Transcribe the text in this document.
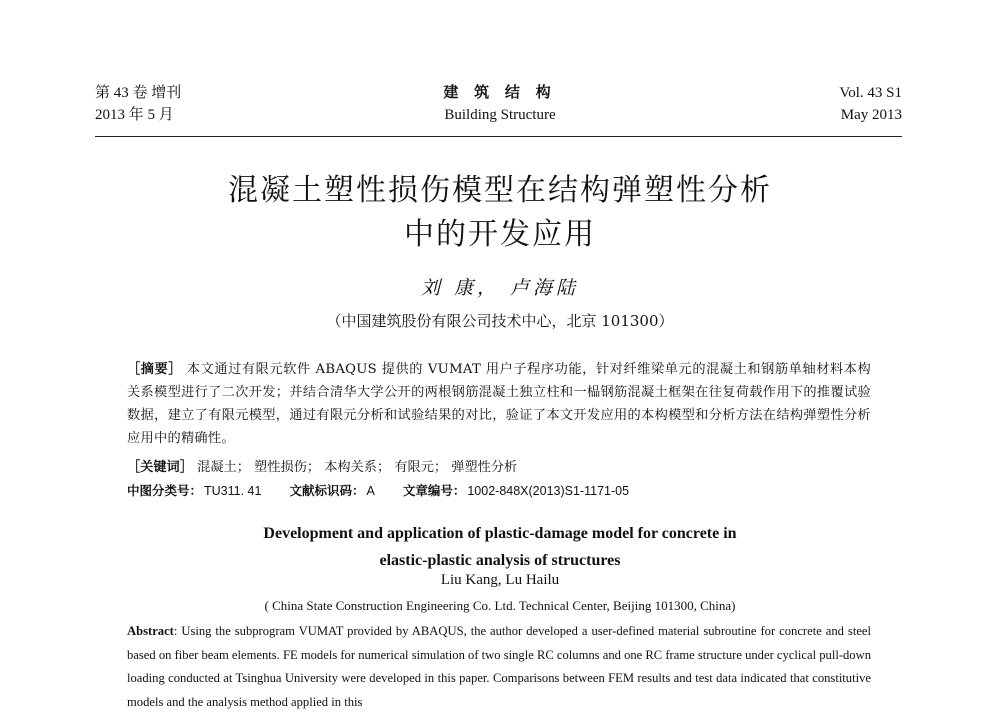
第 43 卷 增刊
2013 年 5 月
建 筑 结 构
Building Structure
Vol. 43 S1
May 2013
混凝土塑性损伤模型在结构弹塑性分析
中的开发应用
刘 康， 卢海陆
（中国建筑股份有限公司技术中心，北京 101300）
［摘要］ 本文通过有限元软件 ABAQUS 提供的 VUMAT 用户子程序功能，针对纤维梁单元的混凝土和钢筋单轴材料本构关系模型进行了二次开发；并结合清华大学公开的两根钢筋混凝土独立柱和一榀钢筋混凝土框架在往复荷载作用下的推覆试验数据，建立了有限元模型，通过有限元分析和试验结果的对比，验证了本文开发应用的本构模型和分析方法在结构弹塑性分析应用中的精确性。
［关键词］ 混凝土； 塑性损伤； 本构关系； 有限元； 弹塑性分析
中图分类号： TU311. 41 文献标识码： A 文章编号： 1002-848X(2013)S1-1171-05
Development and application of plastic-damage model for concrete in
elastic-plastic analysis of structures
Liu Kang, Lu Hailu
( China State Construction Engineering Co. Ltd. Technical Center, Beijing 101300, China)
Abstract: Using the subprogram VUMAT provided by ABAQUS, the author developed a user-defined material subroutine for concrete and steel based on fiber beam elements. FE models for numerical simulation of two single RC columns and one RC frame structure under cyclical pull-down loading conducted at Tsinghua University were developed in this paper. Comparisons between FEM results and test data indicated that constitutive models and the analysis method applied in this
